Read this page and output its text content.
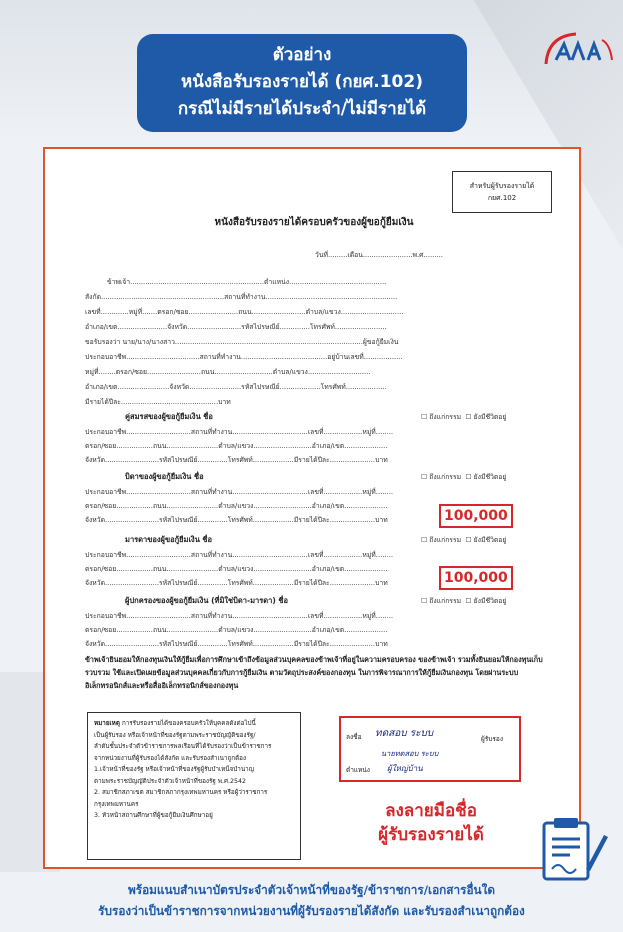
ตัวอย่าง
หนังสือรับรองรายได้ (กยศ.102)
กรณีไม่มีรายได้ประจำ/ไม่มีรายได้
สำหรับผู้รับรองรายได้
กยศ.102
หนังสือรับรองรายได้ครอบครัวของผู้ขอกู้ยืมเงิน
วันที่.........เดือน.......................พ.ศ.........
ข้าพเจ้า..............................................................ตำแหน่ง.............................................
สังกัด.........................................................สถานที่ทำงาน.............................................................
เลขที่.............หมู่ที่.......ตรอก/ซอย.......................ถนน.........................ตำบล/แขวง.............................
อำเภอ/เขต.......................จังหวัด.........................รหัสไปรษณีย์..............โทรศัพท์........................
ขอรับรองว่า นาย/นาง/นางสาว.......................................................................................ผู้ขอกู้ยืมเงิน
ประกอบอาชีพ..................................สถานที่ทำงาน........................................อยู่บ้านเลขที่..................
หมู่ที่........ตรอก/ซอย.........................ถนน...........................ตำบล/แขวง.............................
อำเภอ/เขต........................จังหวัด........................รหัสไปรษณีย์...................โทรศัพท์...................
มีรายได้ปีละ.............................................บาท
คู่สมรสของผู้ขอกู้ยืมเงิน ชื่อ	☐ ถึงแก่กรรม  ☐ ยังมีชีวิตอยู่
ประกอบอาชีพ..............................สถานที่ทำงาน...................................เลขที่..................หมู่ที่........
ตรอก/ซอย.................ถนน........................ตำบล/แขวง...........................อำเภอ/เขต....................
จังหวัด.........................รหัสไปรษณีย์..............โทรศัพท์...................มีรายได้ปีละ.....................บาท
บิดาของผู้ขอกู้ยืมเงิน ชื่อ	☐ ถึงแก่กรรม  ☐ ยังมีชีวิตอยู่
ประกอบอาชีพ..............................สถานที่ทำงาน...................................เลขที่..................หมู่ที่........
ตรอก/ซอย.................ถนน........................ตำบล/แขวง...........................อำเภอ/เขต....................
จังหวัด.........................รหัสไปรษณีย์..............โทรศัพท์...................มีรายได้ปีละ.....................บาท	100,000
มารดาของผู้ขอกู้ยืมเงิน ชื่อ	☐ ถึงแก่กรรม  ☐ ยังมีชีวิตอยู่
ประกอบอาชีพ..............................สถานที่ทำงาน...................................เลขที่..................หมู่ที่........
ตรอก/ซอย.................ถนน........................ตำบล/แขวง...........................อำเภอ/เขต....................
จังหวัด.........................รหัสไปรษณีย์..............โทรศัพท์...................มีรายได้ปีละ.....................บาท	100,000
ผู้ปกครองของผู้ขอกู้ยืมเงิน (ที่มิใช่บิดา-มารดา) ชื่อ	☐ ถึงแก่กรรม  ☐ ยังมีชีวิตอยู่
ประกอบอาชีพ..............................สถานที่ทำงาน...................................เลขที่..................หมู่ที่........
ตรอก/ซอย.................ถนน........................ตำบล/แขวง...........................อำเภอ/เขต....................
จังหวัด.........................รหัสไปรษณีย์..............โทรศัพท์...................มีรายได้ปีละ.....................บาท
ข้าพเจ้ายินยอมให้กองทุนเงินให้กู้ยืมเพื่อการศึกษาเข้าถึงข้อมูลส่วนบุคคลของข้าพเจ้าที่อยู่ในความครอบครอง ของข้าพเจ้า รวมทั้งยินยอมให้กองทุนเก็บรวบรวม ใช้และเปิดเผยข้อมูลส่วนบุคคลเกี่ยวกับการกู้ยืมเงิน ตามวัตถุประสงค์ของกองทุน ในการพิจารณาการให้กู้ยืมเงินกองทุน โดยผ่านระบบอิเล็กทรอนิกส์และหรือสื่ออิเล็กทรอนิกส์ของกองทุน
หมายเหตุ การรับรองรายได้ของครอบครัวให้บุคคลดังต่อไปนี้
เป็นผู้รับรอง หรือเจ้าหน้าที่ของรัฐตามพระราชบัญญัติของรัฐ/
ลำดับชั้นประจำตัวข้าราชการพลเรือนที่ได้รับรองว่าเป็นข้าราชการ
จากหน่วยงานที่ผู้รับรองได้สังกัด และรับรองสำเนาถูกต้อง
1.เจ้าหน้าที่ของรัฐ หรือเจ้าหน้าที่ของรัฐผู้รับบำเหน็จบำนาญ
ตามพระราชบัญญัติประจำตัวเจ้าหน้าที่ของรัฐ พ.ศ.2542
2. สมาชิกสภาเขต สมาชิกสภากรุงเทพมหานคร หรือผู้ว่าราชการ
กรุงเทพมหานคร
3. หัวหน้าสถานศึกษาที่ผู้ขอกู้ยืมเงินศึกษาอยู่
ลงชื่อ ทดสอบ ระบบ	ผู้รับรอง
นายทดสอบ ระบบ
ตำแหน่ง ผู้ใหญ่บ้าน
ลงลายมือชื่อ
ผู้รับรองรายได้
พร้อมแนบสำเนาบัตรประจำตัวเจ้าหน้าที่ของรัฐ/ข้าราชการ/เอกสารอื่นใด
รับรองว่าเป็นข้าราชการจากหน่วยงานที่ผู้รับรองรายได้สังกัด และรับรองสำเนาถูกต้อง
